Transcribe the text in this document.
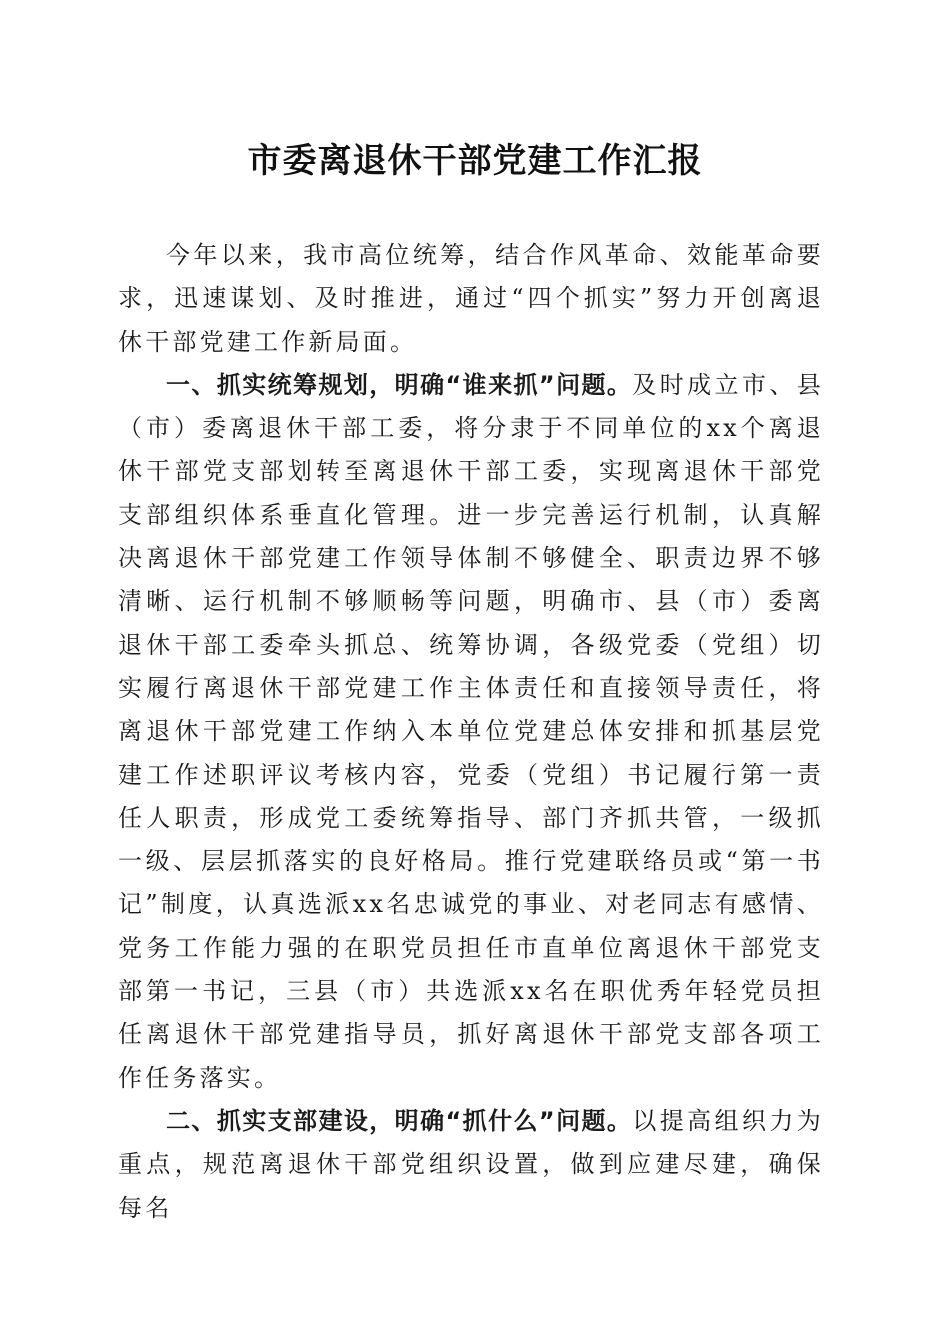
市委离退休干部党建工作汇报

今年以来，我市高位统筹，结合作风革命、效能革命要求，迅速谋划、及时推进，通过“四个抓实”努力开创离退休干部党建工作新局面。

一、抓实统筹规划，明确“谁来抓”问题。及时成立市、县（市）委离退休干部工委，将分隶于不同单位的xx个离退休干部党支部划转至离退休干部工委，实现离退休干部党支部组织体系垂直化管理。进一步完善运行机制，认真解决离退休干部党建工作领导体制不够健全、职责边界不够清晰、运行机制不够顺畅等问题，明确市、县（市）委离退休干部工委牵头抓总、统筹协调，各级党委（党组）切实履行离退休干部党建工作主体责任和直接领导责任，将离退休干部党建工作纳入本单位党建总体安排和抓基层党建工作述职评议考核内容，党委（党组）书记履行第一责任人职责，形成党工委统筹指导、部门齐抓共管，一级抓一级、层层抓落实的良好格局。推行党建联络员或“第一书记”制度，认真选派xx名忠诚党的事业、对老同志有感情、党务工作能力强的在职党员担任市直单位离退休干部党支部第一书记，三县（市）共选派xx名在职优秀年轻党员担任离退休干部党建指导员，抓好离退休干部党支部各项工作任务落实。

二、抓实支部建设，明确“抓什么”问题。以提高组织力为重点，规范离退休干部党组织设置，做到应建尽建，确保每名
